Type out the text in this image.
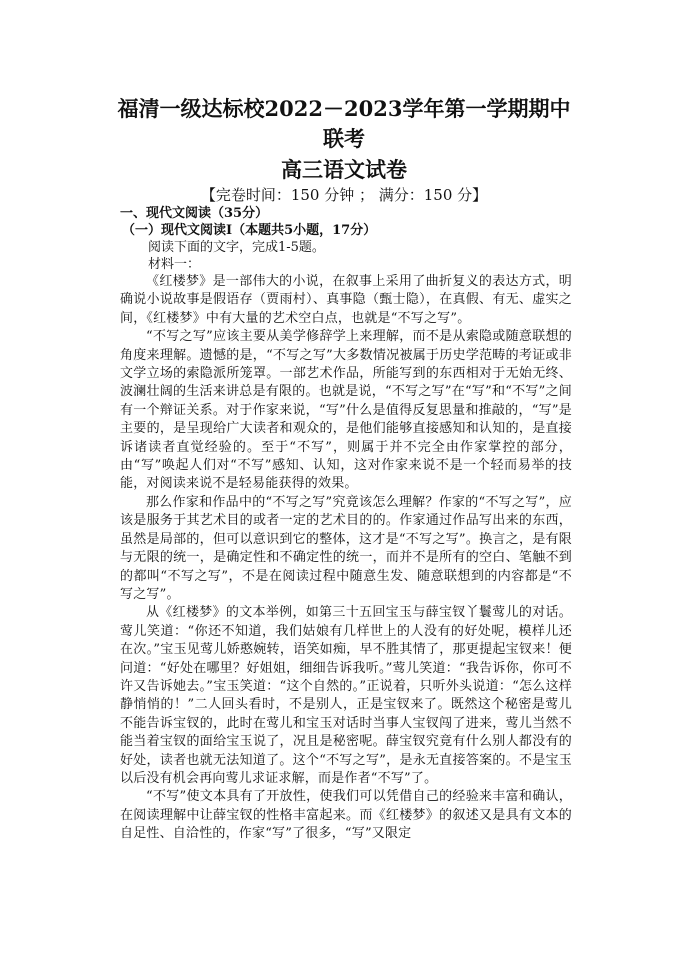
福清一级达标校2022－2023学年第一学期期中
联考
高三语文试卷
【完卷时间：150 分钟 ； 满分：150 分】
一、现代文阅读（35分）
（一）现代文阅读Ⅰ（本题共5小题，17分）
阅读下面的文字，完成1-5题。
材料一：

《红楼梦》是一部伟大的小说，在叙事上采用了曲折复义的表达方式，明确说小说故事是假语存（贾雨村）、真事隐（甄士隐），在真假、有无、虚实之间，《红楼梦》中有大量的艺术空白点，也就是“不写之写”。

“不写之写”应该主要从美学修辞学上来理解，而不是从索隐或随意联想的角度来理解。遗憾的是，“不写之写”大多数情况被属于历史学范畴的考证或非文学立场的索隐派所笼罩。一部艺术作品，所能写到的东西相对于无始无终、波澜壮阔的生活来讲总是有限的。也就是说，“不写之写”在“写”和“不写”之间有一个辩证关系。对于作家来说，“写”什么是值得反复思量和推敲的，“写”是主要的，是呈现给广大读者和观众的，是他们能够直接感知和认知的，是直接诉诸读者直觉经验的。至于“不写”，则属于并不完全由作家掌控的部分，由“写”唤起人们对“不写”感知、认知，这对作家来说不是一个轻而易举的技能，对阅读来说不是轻易能获得的效果。

那么作家和作品中的“不写之写”究竟该怎么理解？作家的“不写之写”，应该是服务于其艺术目的或者一定的艺术目的的。作家通过作品写出来的东西，虽然是局部的，但可以意识到它的整体，这才是“不写之写”。换言之，是有限与无限的统一，是确定性和不确定性的统一，而并不是所有的空白、笔触不到的都叫“不写之写”，不是在阅读过程中随意生发、随意联想到的内容都是“不写之写”。

从《红楼梦》的文本举例，如第三十五回宝玉与薛宝钗丫鬟莺儿的对话。莺儿笑道：“你还不知道，我们姑娘有几样世上的人没有的好处呢，模样儿还在次。”宝玉见莺儿娇憨婉转，语笑如痴，早不胜其情了，那更提起宝钗来！便问道：“好处在哪里？好姐姐，细细告诉我听。”莺儿笑道：“我告诉你，你可不许又告诉她去。”宝玉笑道：“这个自然的。”正说着，只听外头说道：“怎么这样静悄悄的！”二人回头看时，不是别人，正是宝钗来了。既然这个秘密是莺儿不能告诉宝钗的，此时在莺儿和宝玉对话时当事人宝钗闯了进来，莺儿当然不能当着宝钗的面给宝玉说了，况且是秘密呢。薛宝钗究竟有什么别人都没有的好处，读者也就无法知道了。这个“不写之写”，是永无直接答案的。不是宝玉以后没有机会再向莺儿求证求解，而是作者“不写”了。

“不写”使文本具有了开放性，使我们可以凭借自己的经验来丰富和确认，在阅读理解中让薛宝钗的性格丰富起来。而《红楼梦》的叙述又是具有文本的自足性、自洽性的，作家“写”了很多，“写”又限定
